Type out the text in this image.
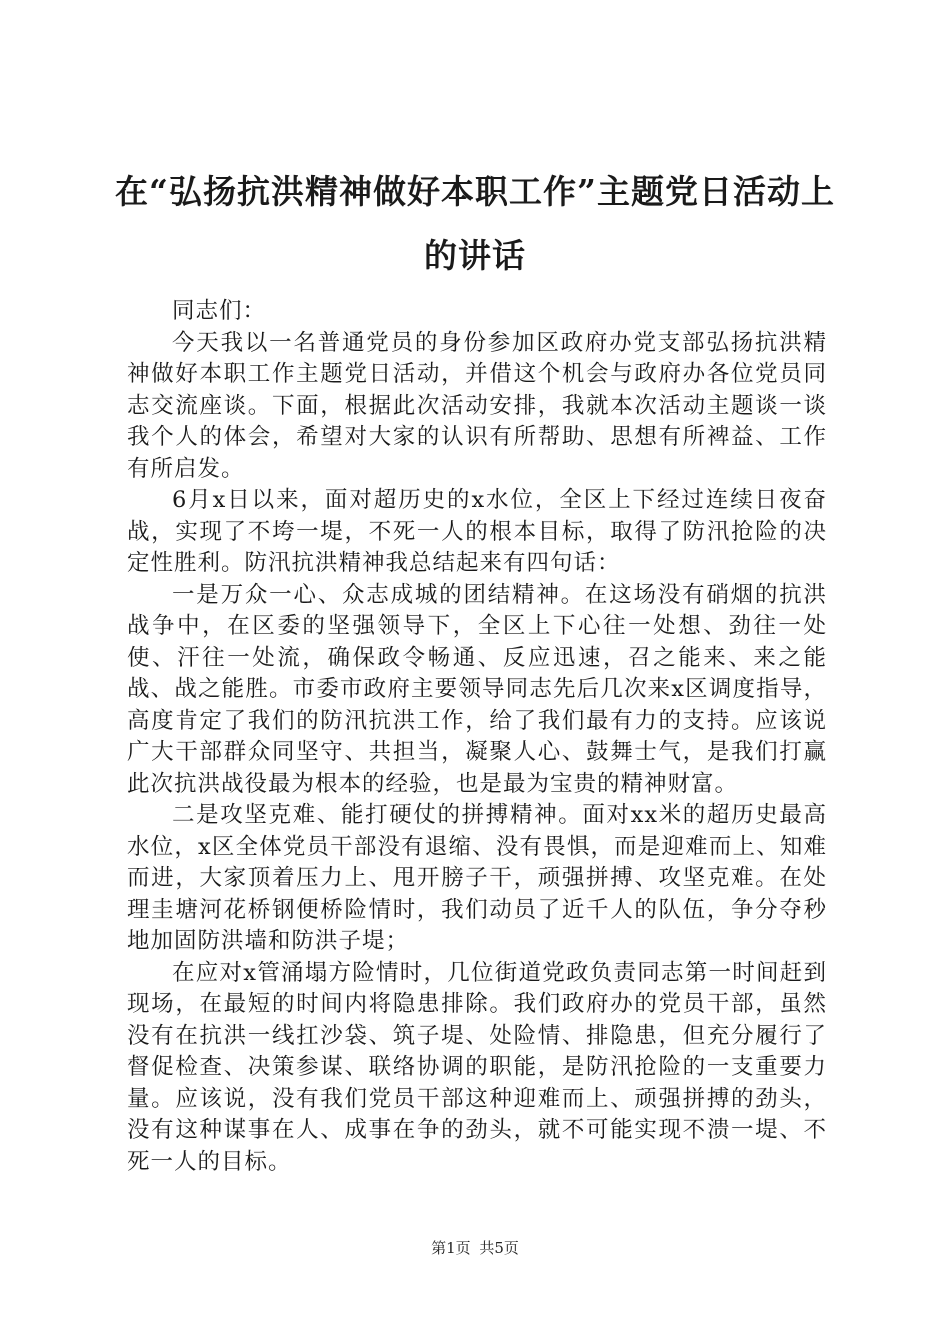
在“弘扬抗洪精神做好本职工作”主题党日活动上的讲话

同志们：

今天我以一名普通党员的身份参加区政府办党支部弘扬抗洪精神做好本职工作主题党日活动，并借这个机会与政府办各位党员同志交流座谈。下面，根据此次活动安排，我就本次活动主题谈一谈我个人的体会，希望对大家的认识有所帮助、思想有所裨益、工作有所启发。

6月x日以来，面对超历史的x水位，全区上下经过连续日夜奋战，实现了不垮一堤，不死一人的根本目标，取得了防汛抢险的决定性胜利。防汛抗洪精神我总结起来有四句话：

一是万众一心、众志成城的团结精神。在这场没有硝烟的抗洪战争中，在区委的坚强领导下，全区上下心往一处想、劲往一处使、汗往一处流，确保政令畅通、反应迅速，召之能来、来之能战、战之能胜。市委市政府主要领导同志先后几次来x区调度指导，高度肯定了我们的防汛抗洪工作，给了我们最有力的支持。应该说广大干部群众同坚守、共担当，凝聚人心、鼓舞士气，是我们打赢此次抗洪战役最为根本的经验，也是最为宝贵的精神财富。

二是攻坚克难、能打硬仗的拼搏精神。面对xx米的超历史最高水位，x区全体党员干部没有退缩、没有畏惧，而是迎难而上、知难而进，大家顶着压力上、甩开膀子干，顽强拼搏、攻坚克难。在处理圭塘河花桥钢便桥险情时，我们动员了近千人的队伍，争分夺秒地加固防洪墙和防洪子堤；

在应对x管涌塌方险情时，几位街道党政负责同志第一时间赶到现场，在最短的时间内将隐患排除。我们政府办的党员干部，虽然没有在抗洪一线扛沙袋、筑子堤、处险情、排隐患，但充分履行了督促检查、决策参谋、联络协调的职能，是防汛抢险的一支重要力量。应该说，没有我们党员干部这种迎难而上、顽强拼搏的劲头，没有这种谋事在人、成事在争的劲头，就不可能实现不溃一堤、不死一人的目标。

第1页 共5页
